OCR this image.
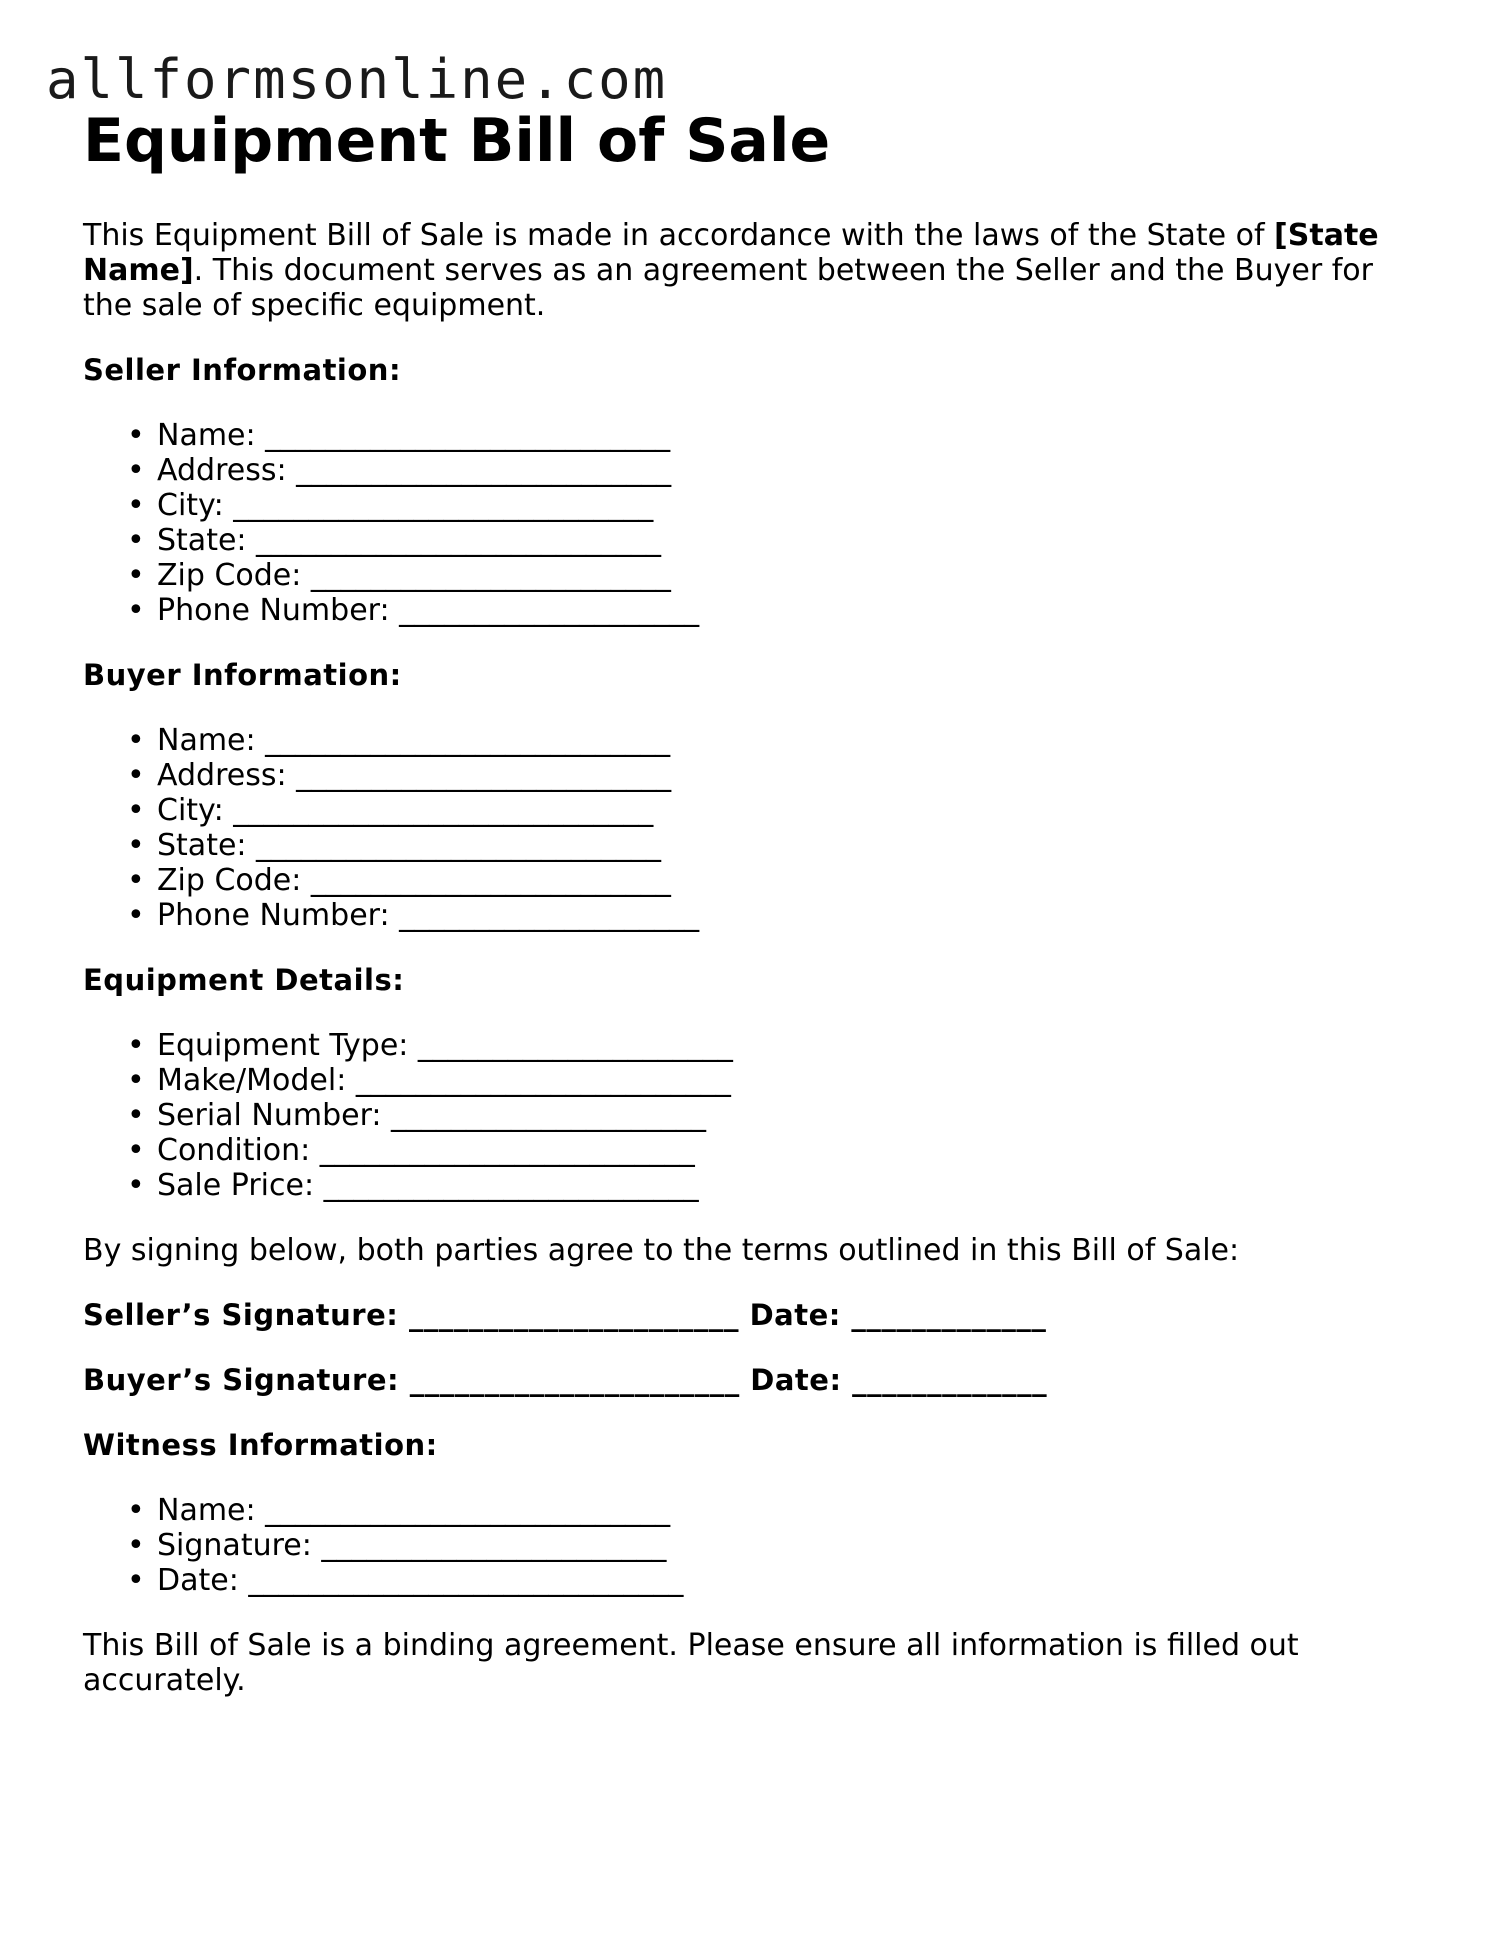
allformsonline.com
Equipment Bill of Sale

This Equipment Bill of Sale is made in accordance with the laws of the State of [State Name]. This document serves as an agreement between the Seller and the Buyer for the sale of specific equipment.

Seller Information:
• Name: ___________________________
• Address: _________________________
• City: ____________________________
• State: ___________________________
• Zip Code: ________________________
• Phone Number: ____________________
Buyer Information:
• Name: ___________________________
• Address: _________________________
• City: ____________________________
• State: ___________________________
• Zip Code: ________________________
• Phone Number: ____________________
Equipment Details:
• Equipment Type: _____________________
• Make/Model: _________________________
• Serial Number: _____________________
• Condition: _________________________
• Sale Price: _________________________

By signing below, both parties agree to the terms outlined in this Bill of Sale:

Seller’s Signature: ______________________ Date: _____________
Buyer’s Signature: ______________________ Date: _____________
Witness Information:
• Name: ___________________________
• Signature: _______________________
• Date: _____________________________

This Bill of Sale is a binding agreement. Please ensure all information is filled out accurately.
